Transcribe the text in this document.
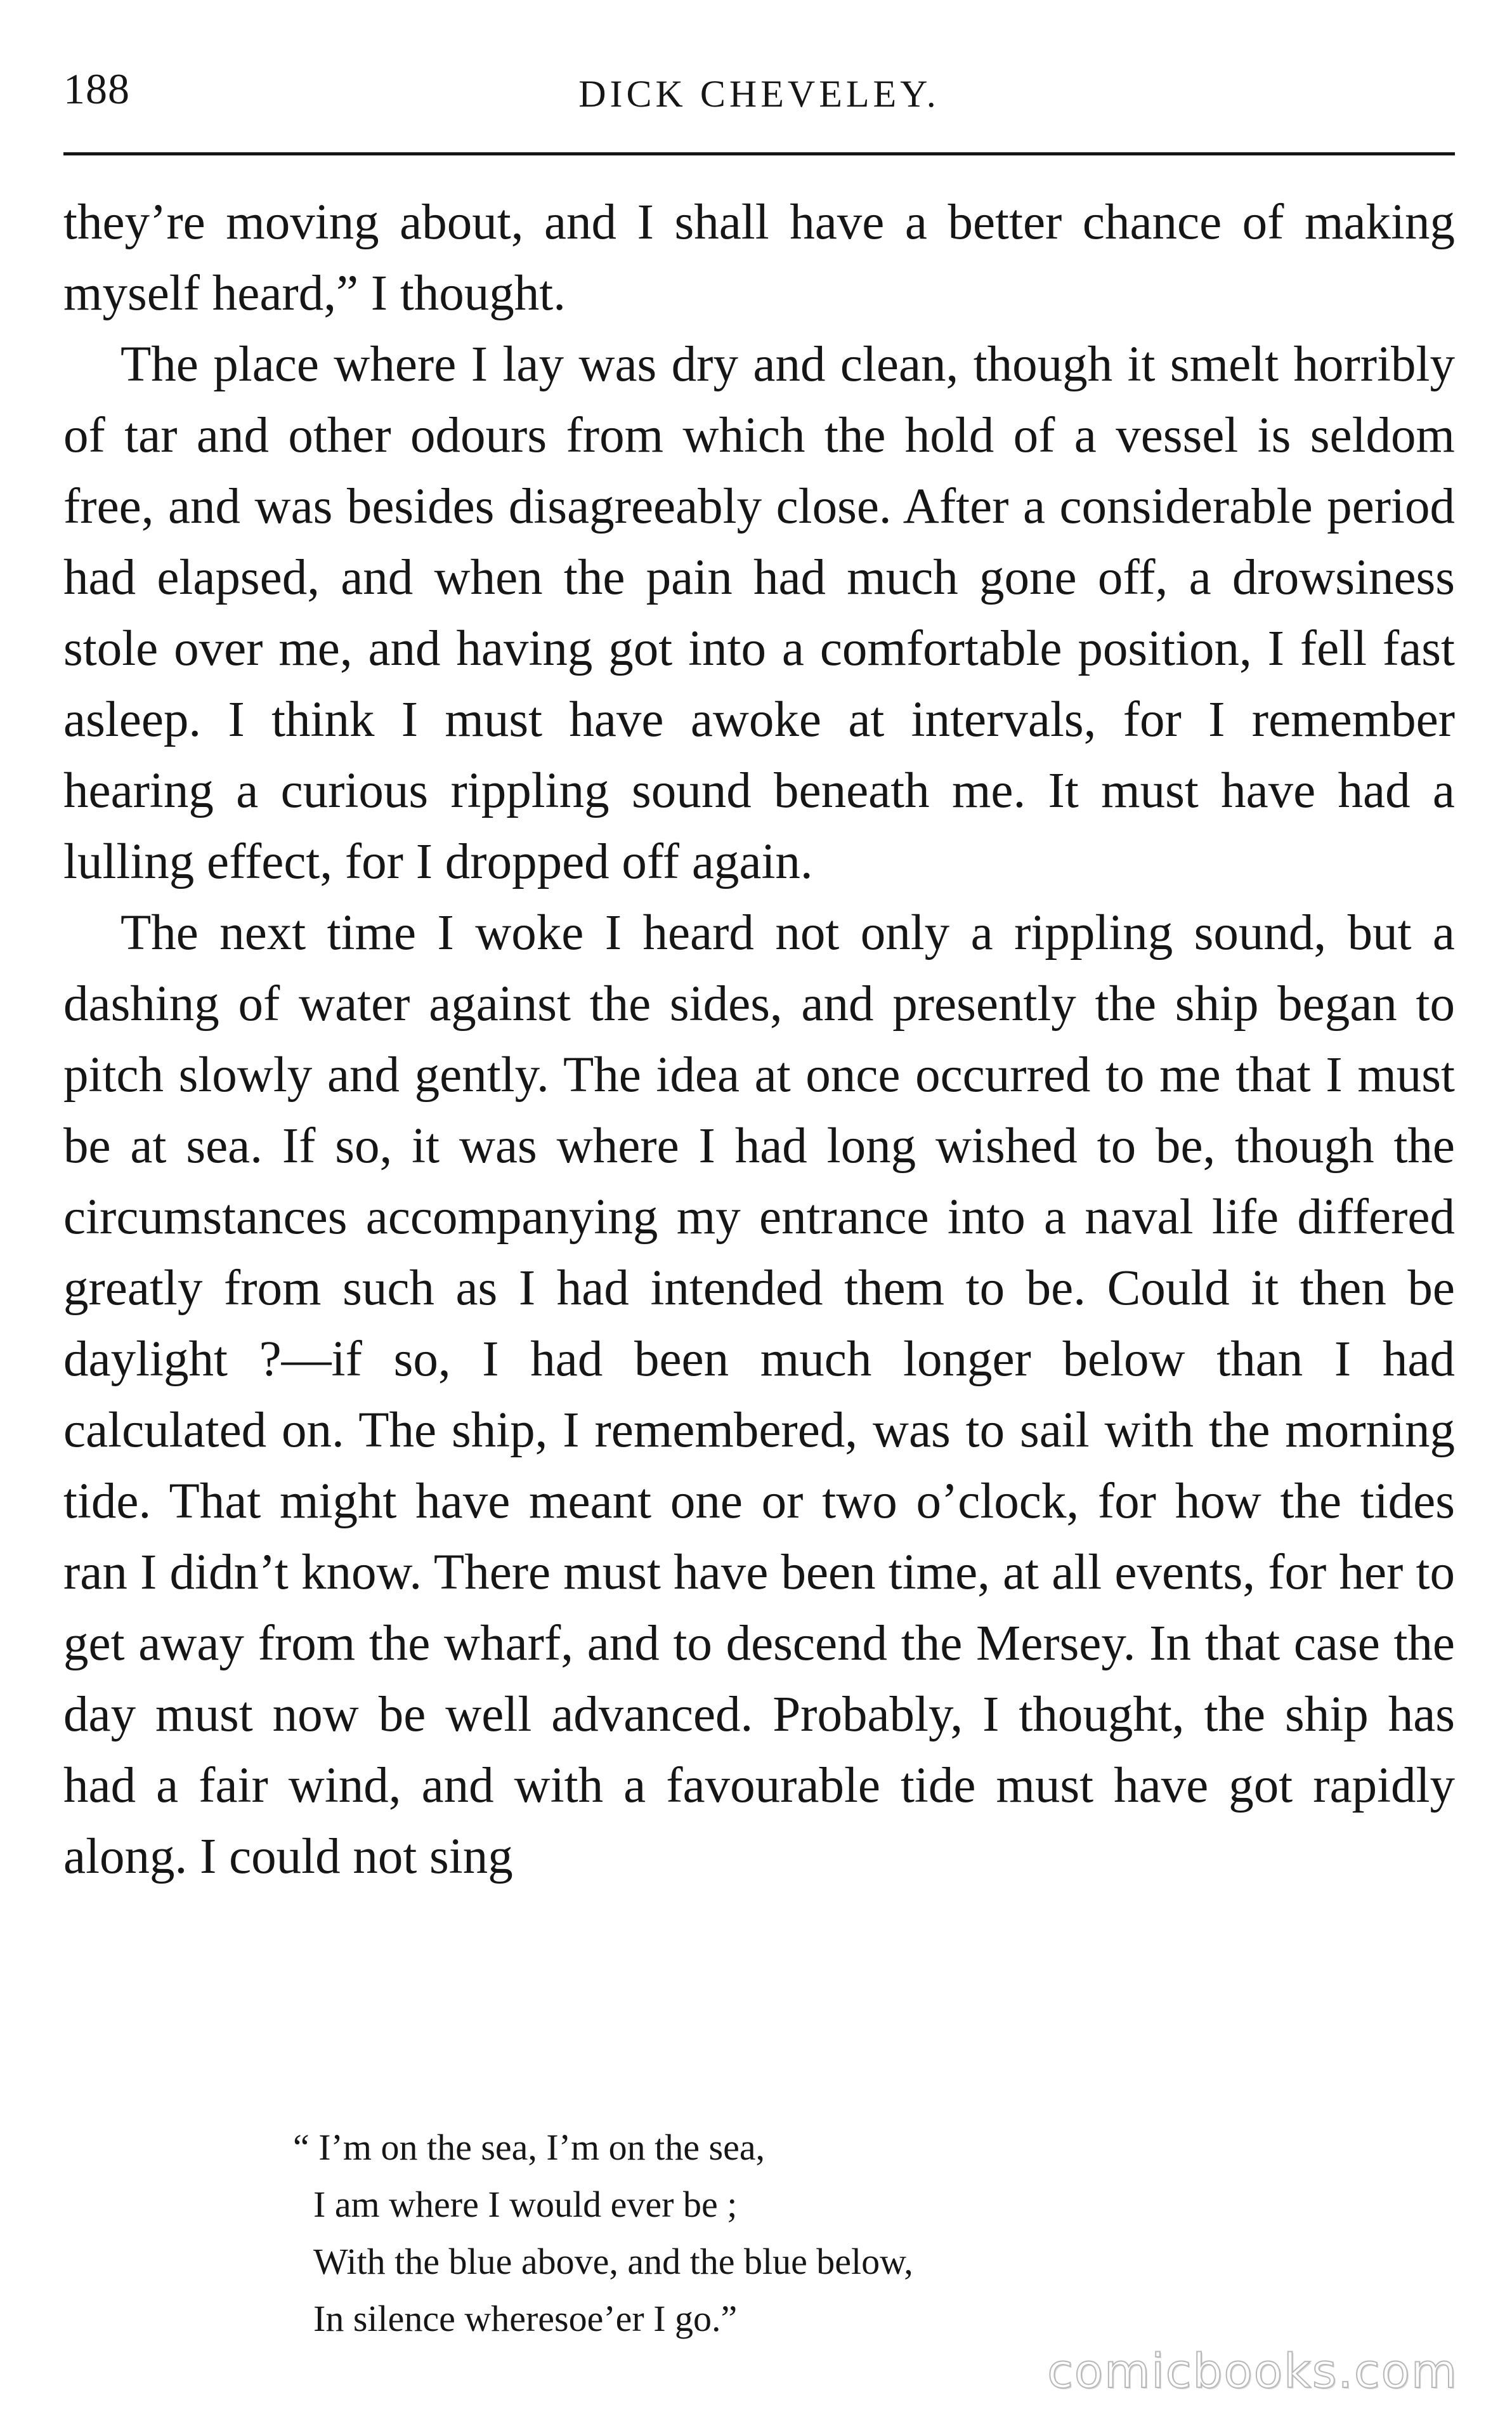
188	DICK CHEVELEY.

they’re moving about, and I shall have a better chance of making myself heard,” I thought.

The place where I lay was dry and clean, though it smelt horribly of tar and other odours from which the hold of a vessel is seldom free, and was besides disagreeably close. After a considerable period had elapsed, and when the pain had much gone off, a drowsiness stole over me, and having got into a comfortable position, I fell fast asleep. I think I must have awoke at intervals, for I remember hearing a curious rippling sound beneath me. It must have had a lulling effect, for I dropped off again.

The next time I woke I heard not only a rippling sound, but a dashing of water against the sides, and presently the ship began to pitch slowly and gently. The idea at once occurred to me that I must be at sea. If so, it was where I had long wished to be, though the circumstances accompanying my entrance into a naval life differed greatly from such as I had intended them to be. Could it then be daylight ?—if so, I had been much longer below than I had calculated on. The ship, I remembered, was to sail with the morning tide. That might have meant one or two o’clock, for how the tides ran I didn’t know. There must have been time, at all events, for her to get away from the wharf, and to descend the Mersey. In that case the day must now be well advanced. Probably, I thought, the ship has had a fair wind, and with a favourable tide must have got rapidly along. I could not sing

“ I’m on the sea, I’m on the sea,
I am where I would ever be ;
With the blue above, and the blue below,
In silence wheresoe’er I go.”
comicbooks.com
